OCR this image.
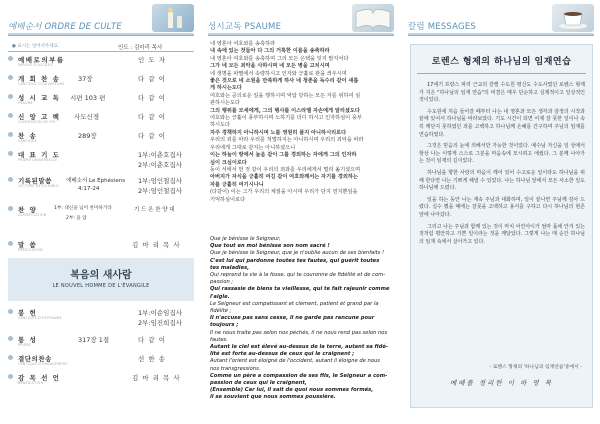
예배순서 ORDRE DE CULTE
● 표시는 일어서주세요.	인도 : 김마리 목사
예배로의부름
PAROLE D'ACCUEIL
인 도 자
개 회 찬 송
CANTIQUE D'OUVERTURE
37장	다 같 이
성 시 교 독
PSAUME
시편 103 편	다 같 이
신 앙 고 백
CONFESSION DE FOI
사도신경	다 같 이
찬 송
CANTIQUE
289장	다 같 이
대 표 기 도
PRIÈRE UNIVERSELLE
1부:이춘호집사
2부:이춘호집사
기록된말씀
LECTURE DE LA BIBLE
에베소서 Le Éphésiens
4:17-24
1부:엄인철집사
2부:엄인철집사
찬 양
GLORIFICATION
1부: 대신을 넘어 찬미하거라
2부: 윤 압
기 드 온 찬 양 대
말 씀
PRÉDICATION
김 마 리 목 사
복음의 새사람
LE NOUVEL HOMME DE L'ÉVANGILE
봉 헌
CANTIQUE D'OFFRANDE
1부:이순임집사
2부:임진희집사
통 성
PRIÈRE
317장 1절	다 같 이
결단의찬송
CANTIQUE D'ENGAGEMENT
선 한 송
감 목 선 언
BÉNÉDICTION
김 마 리 목 사
성시교독 PSAUME
내 영혼아 여호와를 송축하라
내 속에 있는 것들아 다 그의 거룩한 이름을 송축하라
내 영혼아 여호와를 송축하며 그의 모든 은택을 잊지 말지어다
그가 네 모든 죄악을 사하시며 네 모든 병을 고치시며
네 생명을 파멸에서 속량하시고 인자와 긍휼로 관을 씌우시며
좋은 것으로 네 소원을 만족하게 하사 네 청춘을 독수리 같이 새롭
게 하시는도다
여호와는 공의로운 일을 행하시며 억압 당하는 모든 자를 위하여 심
판하시는도다
그의 행위를 모세에게, 그의 행사를 이스라엘 자손에게 알리셨도다
여호와는 긍휼이 풍부하시며 노하기를 더디 하시고 인자하심이 풍부
하시도다
자주 경책하지 아니하시며 노를 영원히 품지 아니하시리로다
우리의 죄를 따라 우리를 처벌하지는 아니하시며 우리의 죄악을 따라
우리에게 그대로 갚지는 아니하셨으니
이는 하늘이 땅에서 높음 같이 그를 경외하는 자에게 그의 인자하
심이 크심이로다
동이 서에서 먼 것 같이 우리의 죄과를 우리에게서 멀리 옮기셨으며
아버지가 자식을 긍휼히 여김 같이 여호와께서는 자기를 경외하는
자를 긍휼히 여기시나니
(다같이) 이는 그가 우리의 체질을 아시며 우리가 단지 먼지뿐임을
기억하심이로다
Que je bénisse le Seigneur,
Que tout en moi bénisse son nom sacré !
Que je bénisse le Seigneur, que je n'oublie aucun de ses bienfaits !
C'est lui qui pardonne toutes tes fautes, qui guérit toutes
tes maladies,
Qui reprend ta vie à la fosse, qui te couronne de fidélité et de com-
passion ;
Qui rassasie de biens ta vieillesse, qui te fait rajeunir comme
l'aigle.
Le Seigneur est compatissant et clément, patient et grand par la
fidélité ;
Il n'accuse pas sans cesse, il ne garde pas rancune pour toujours ;
Il ne nous traite pas selon nos péchés, il ne nous rend pas selon nos fautes.
Autant le ciel est élevé au-dessus de la terre, autant sa fidé-
lité est forte au-dessus de ceux qui le craignent ;
Autant l'orient est éloigné de l'occident, autant il éloigne de nous
nos transgressions.
Comme un père a compassion de ses fils, le Seigneur a com-
passion de ceux qui le craignent,
(Ensemble) Car lui, il sait de quoi nous sommes formés,
il se souvient que nous sommes poussière.
칼럼 MESSAGES
로렌스 형제의 하나님의 임재연습

17세기 프랑스 파리 근교의 갈멜 수도원 평신도 수도사였던 로렌스 형제가 지은 "하나님의 임재 연습"의 비결은 매우 단순하고 실제적이고 일상적인 것이었다.

수도원에 처음 들어갈 때부터 나는 내 영혼과 모든 생각과 감정의 시작과 끝에 있어서 하나님을 바라보았다. 기도 시간이 되면 어제 잘 못한 일이나 속히 깨닫지 못하였던 죄를 고백하고 하나님께 은혜를 간구하며 주님의 임재를 연습하였다.

그것은 믿음의 눈에 의해서만 가능한 것이었다. 예수님 자신을 일 상에서 항상 나는 이렇게 스스로 그분을 마음속에 모시려고 애썼다. 그 분께 나아가는 것이 임재의 길이었다.

하나님을 향한 사랑의 마음이 깨어 있어 수고로운 일이라도 하나님을 위해 한다면 나는 기쁘게 해낼 수 있었다. 나는 하나님 앞에서 모든 사소한 일도 하나님께 드렸다.

일을 하는 동안 나는 계속 주님과 대화하며, 일이 끝나면 주님께 감사 드렸다. 실수 했을 때에는 잘못을 고백하고 용서를 구하고 다시 하나님의 현존 앞에 나아갔다.

그리고 나는 주님과 함께 있는 것이 마치 어린아이가 엄마 품에 안겨 있는 것처럼 평안하고 기쁜 일이라는 것을 깨달았다. 그렇게 나는 매 순간 하나님의 임재 속에서 살아가고 있다.

- 로렌스 형제의 '하나님의 임재연습'중에서 -
예배를 정리한 이 하 영 목
